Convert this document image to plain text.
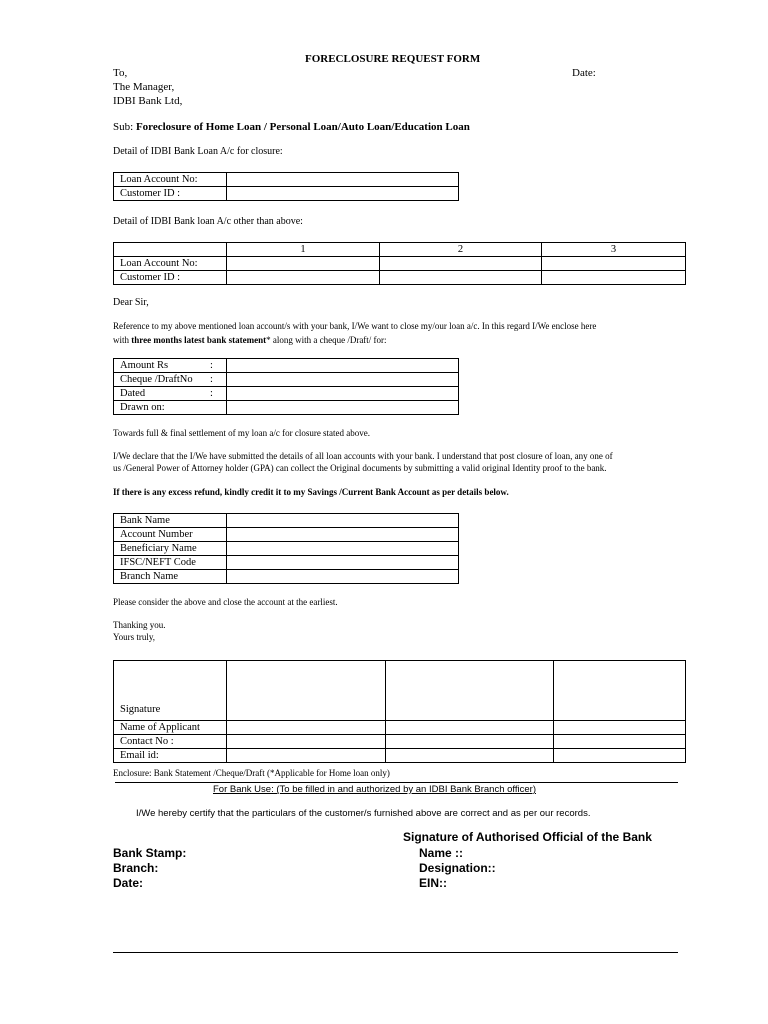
FORECLOSURE REQUEST FORM
To,	Date:
The Manager,
IDBI Bank Ltd,
Sub: Foreclosure of Home Loan / Personal Loan/Auto Loan/Education Loan
Detail of IDBI Bank Loan A/c for closure:
Loan Account No:	
Customer ID :	
Detail of IDBI Bank loan A/c other than above:
	1	2	3
Loan Account No:			
Customer ID :			
Dear Sir,
Reference to my above mentioned loan account/s with your bank, I/We want to close my/our loan a/c. In this regard I/We enclose here
with three months latest bank statement* along with a cheque /Draft/ for:
Amount Rs :	

Cheque /DraftNo :	

Dated :	

Drawn on:

Towards full & final settlement of my loan a/c for closure stated above.
I/We declare that the I/We have submitted the details of all loan accounts with your bank. I understand that post closure of loan, any one of
us /General Power of Attorney holder (GPA) can collect the Original documents by submitting a valid original Identity proof to the bank.
If there is any excess refund, kindly credit it to my Savings /Current Bank Account as per details below.
Bank Name	
Account Number	
Beneficiary Name	
IFSC/NEFT Code	
Branch Name	
Please consider the above and close the account at the earliest.
Thanking you.
Yours truly,
Signature			
Name of Applicant			
Contact No :			
Email id:			
Enclosure: Bank Statement /Cheque/Draft (*Applicable for Home loan only)
For Bank Use: (To be filled in and authorized by an IDBI Bank Branch officer)
I/We hereby certify that the particulars of the customer/s furnished above are correct and as per our records.
Signature of Authorised Official of the Bank
Bank Stamp:
Branch:
Date:
Name ::
Designation::
EIN::
